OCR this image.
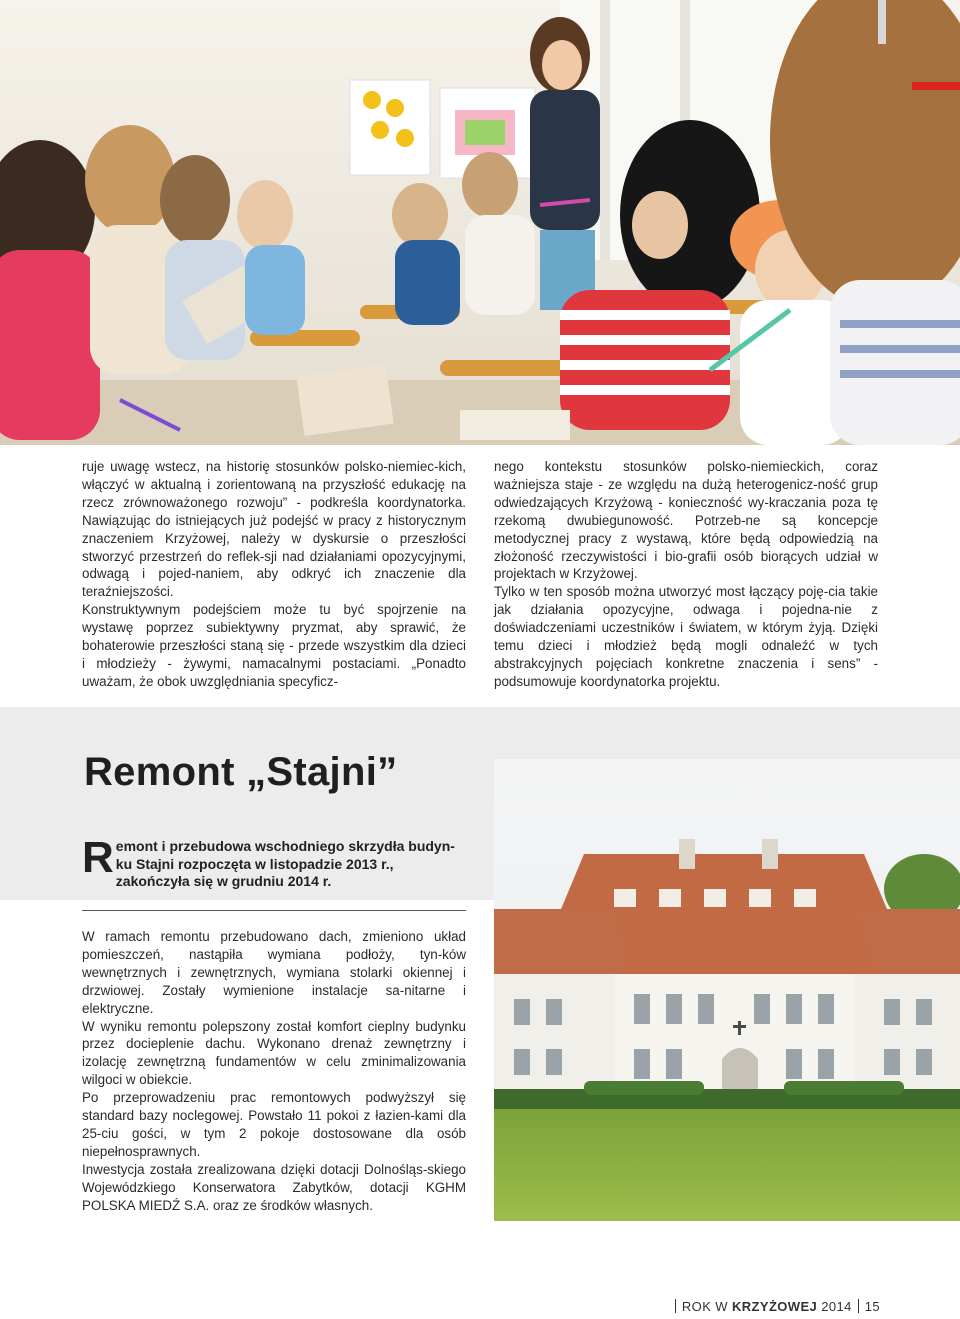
ruje uwagę wstecz, na historię stosunków polsko-niemiec-kich, włączyć w aktualną i zorientowaną na przyszłość edukację na rzecz zrównoważonego rozwoju” - podkreśla koordynatorka. Nawiązując do istniejących już podejść w pracy z historycznym znaczeniem Krzyżowej, należy w dyskursie o przeszłości stworzyć przestrzeń do reflek-sji nad działaniami opozycyjnymi, odwagą i pojed-naniem, aby odkryć ich znaczenie dla teraźniejszości.

Konstruktywnym podejściem może tu być spojrzenie na wystawę poprzez subiektywny pryzmat, aby sprawić, że bohaterowie przeszłości staną się - przede wszystkim dla dzieci i młodzieży - żywymi, namacalnymi postaciami. „Ponadto uważam, że obok uwzględniania specyficz-

nego kontekstu stosunków polsko-niemieckich, coraz ważniejsza staje - ze względu na dużą heterogenicz-ność grup odwiedzających Krzyżową - konieczność wy-kraczania poza tę rzekomą dwubiegunowość. Potrzeb-ne są koncepcje metodycznej pracy z wystawą, które będą odpowiedzią na złożoność rzeczywistości i bio-grafii osób biorących udział w projektach w Krzyżowej.

Tylko w ten sposób można utworzyć most łączący poję-cia takie jak działania opozycyjne, odwaga i pojedna-nie z doświadczeniami uczestników i światem, w którym żyją. Dzięki temu dzieci i młodzież będą mogli odnaleźć w tych abstrakcyjnych pojęciach konkretne znaczenia i sens” - podsumowuje koordynatorka projektu.

Remont „Stajni”

Remont i przebudowa wschodniego skrzydła budyn-ku Stajni rozpoczęta w listopadzie 2013 r., zakończyła się w grudniu 2014 r.

W ramach remontu przebudowano dach, zmieniono układ pomieszczeń, nastąpiła wymiana podłoży, tyn-ków wewnętrznych i zewnętrznych, wymiana stolarki okiennej i drzwiowej. Zostały wymienione instalacje sa-nitarne i elektryczne.

W wyniku remontu polepszony został komfort cieplny budynku przez docieplenie dachu. Wykonano drenaż zewnętrzny i izolację zewnętrzną fundamentów w celu zminimalizowania wilgoci w obiekcie.

Po przeprowadzeniu prac remontowych podwyższył się standard bazy noclegowej. Powstało 11 pokoi z łazien-kami dla 25-ciu gości, w tym 2 pokoje dostosowane dla osób niepełnosprawnych.

Inwestycja została zrealizowana dzięki dotacji Dolnośląs-skiego Wojewódzkiego Konserwatora Zabytków, dotacji KGHM POLSKA MIEDŹ S.A. oraz ze środków własnych.

ROK W KRZYŻOWEJ 2014 15
